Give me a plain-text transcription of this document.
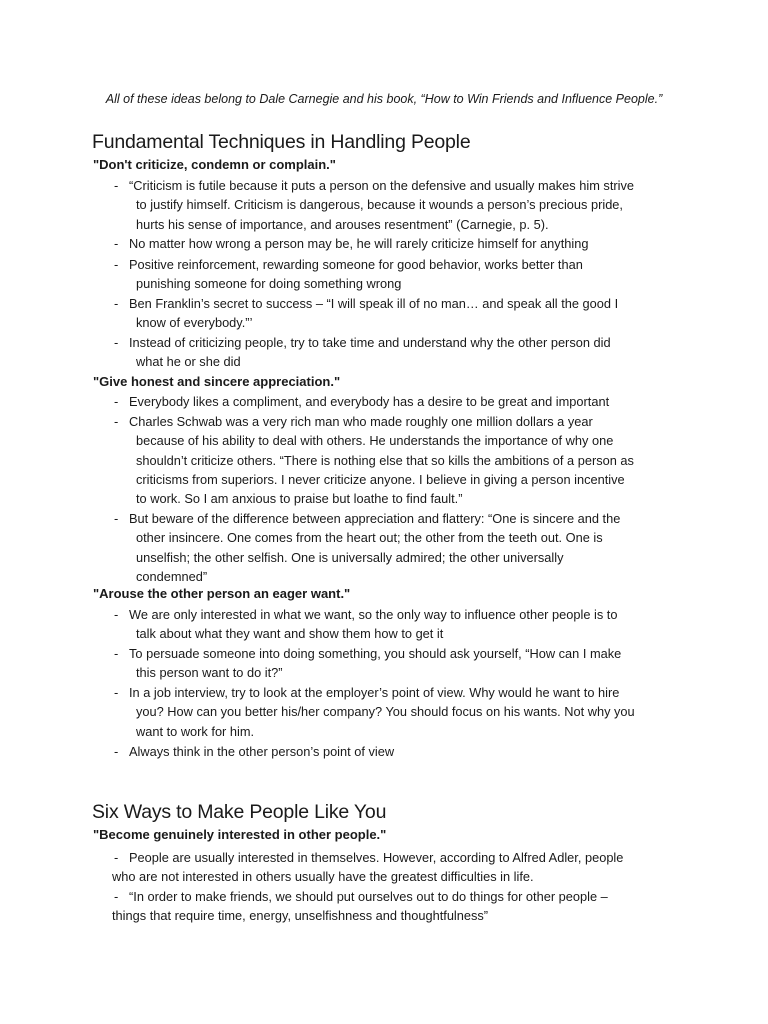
All of these ideas belong to Dale Carnegie and his book, “How to Win Friends and Influence People.”
Fundamental Techniques in Handling People
"Don't criticize, condemn or complain."
- “Criticism is futile because it puts a person on the defensive and usually makes him strive
to justify himself. Criticism is dangerous, because it wounds a person’s precious pride,
hurts his sense of importance, and arouses resentment” (Carnegie, p. 5).
- No matter how wrong a person may be, he will rarely criticize himself for anything
- Positive reinforcement, rewarding someone for good behavior, works better than
punishing someone for doing something wrong
- Ben Franklin’s secret to success – “I will speak ill of no man… and speak all the good I
know of everybody.”’
- Instead of criticizing people, try to take time and understand why the other person did
what he or she did
"Give honest and sincere appreciation."
- Everybody likes a compliment, and everybody has a desire to be great and important
- Charles Schwab was a very rich man who made roughly one million dollars a year
because of his ability to deal with others. He understands the importance of why one
shouldn’t criticize others. “There is nothing else that so kills the ambitions of a person as
criticisms from superiors. I never criticize anyone. I believe in giving a person incentive
to work. So I am anxious to praise but loathe to find fault.”
- But beware of the difference between appreciation and flattery: “One is sincere and the
other insincere. One comes from the heart out; the other from the teeth out. One is
unselfish; the other selfish. One is universally admired; the other universally
condemned”
"Arouse the other person an eager want."
- We are only interested in what we want, so the only way to influence other people is to
talk about what they want and show them how to get it
- To persuade someone into doing something, you should ask yourself, “How can I make
this person want to do it?”
- In a job interview, try to look at the employer’s point of view. Why would he want to hire
you? How can you better his/her company? You should focus on his wants. Not why you
want to work for him.
- Always think in the other person’s point of view
Six Ways to Make People Like You
"Become genuinely interested in other people."
- People are usually interested in themselves. However, according to Alfred Adler, people
who are not interested in others usually have the greatest difficulties in life.
- “In order to make friends, we should put ourselves out to do things for other people –
things that require time, energy, unselfishness and thoughtfulness”
